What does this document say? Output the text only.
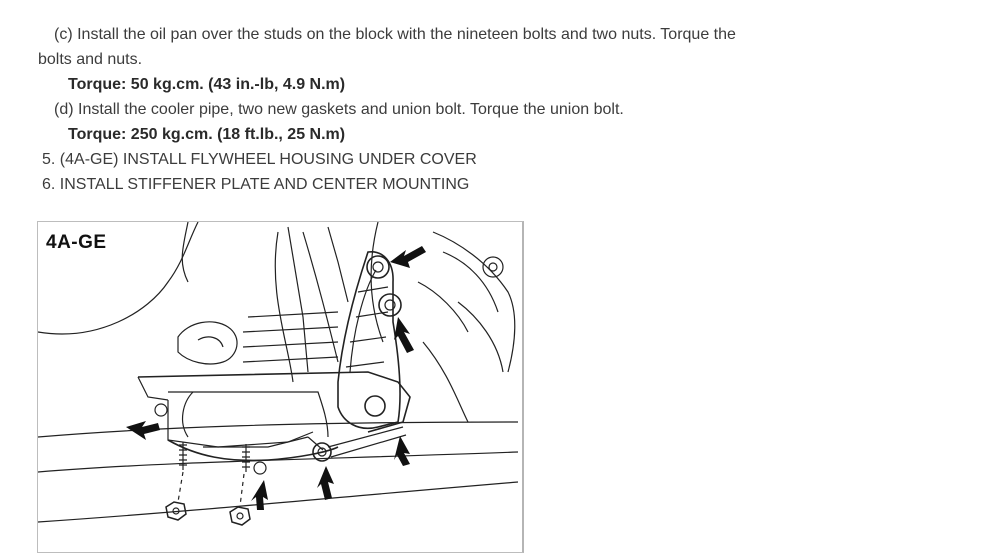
(c) Install the oil pan over the studs on the block with the nineteen bolts and two nuts. Torque the
bolts and nuts.
Torque: 50 kg.cm. (43 in.-lb, 4.9 N.m)
(d) Install the cooler pipe, two new gaskets and union bolt. Torque the union bolt.
Torque: 250 kg.cm. (18 ft.lb., 25 N.m)
5. (4A-GE) INSTALL FLYWHEEL HOUSING UNDER COVER
6. INSTALL STIFFENER PLATE AND CENTER MOUNTING
4A-GE
